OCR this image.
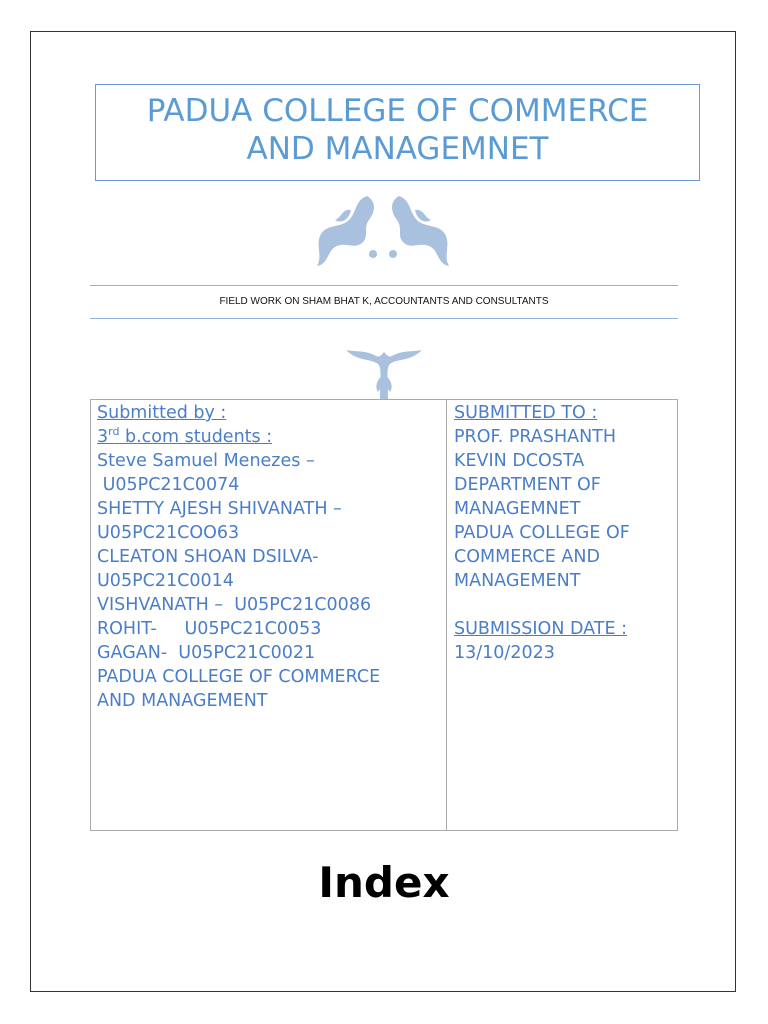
PADUA COLLEGE OF COMMERCE
AND MANAGEMNET
FIELD WORK ON SHAM BHAT K, ACCOUNTANTS AND CONSULTANTS
Submitted by :
3rd b.com students :
Steve Samuel Menezes –
U05PC21C0074
SHETTY AJESH SHIVANATH –
U05PC21COO63
CLEATON SHOAN DSILVA-
U05PC21C0014
VISHVANATH –  U05PC21C0086
ROHIT-     U05PC21C0053
GAGAN-  U05PC21C0021
PADUA COLLEGE OF COMMERCE
AND MANAGEMENT
SUBMITTED TO :
PROF. PRASHANTH
KEVIN DCOSTA
DEPARTMENT OF
MANAGEMNET
PADUA COLLEGE OF
COMMERCE AND
MANAGEMENT
SUBMISSION DATE :
13/10/2023
Index
